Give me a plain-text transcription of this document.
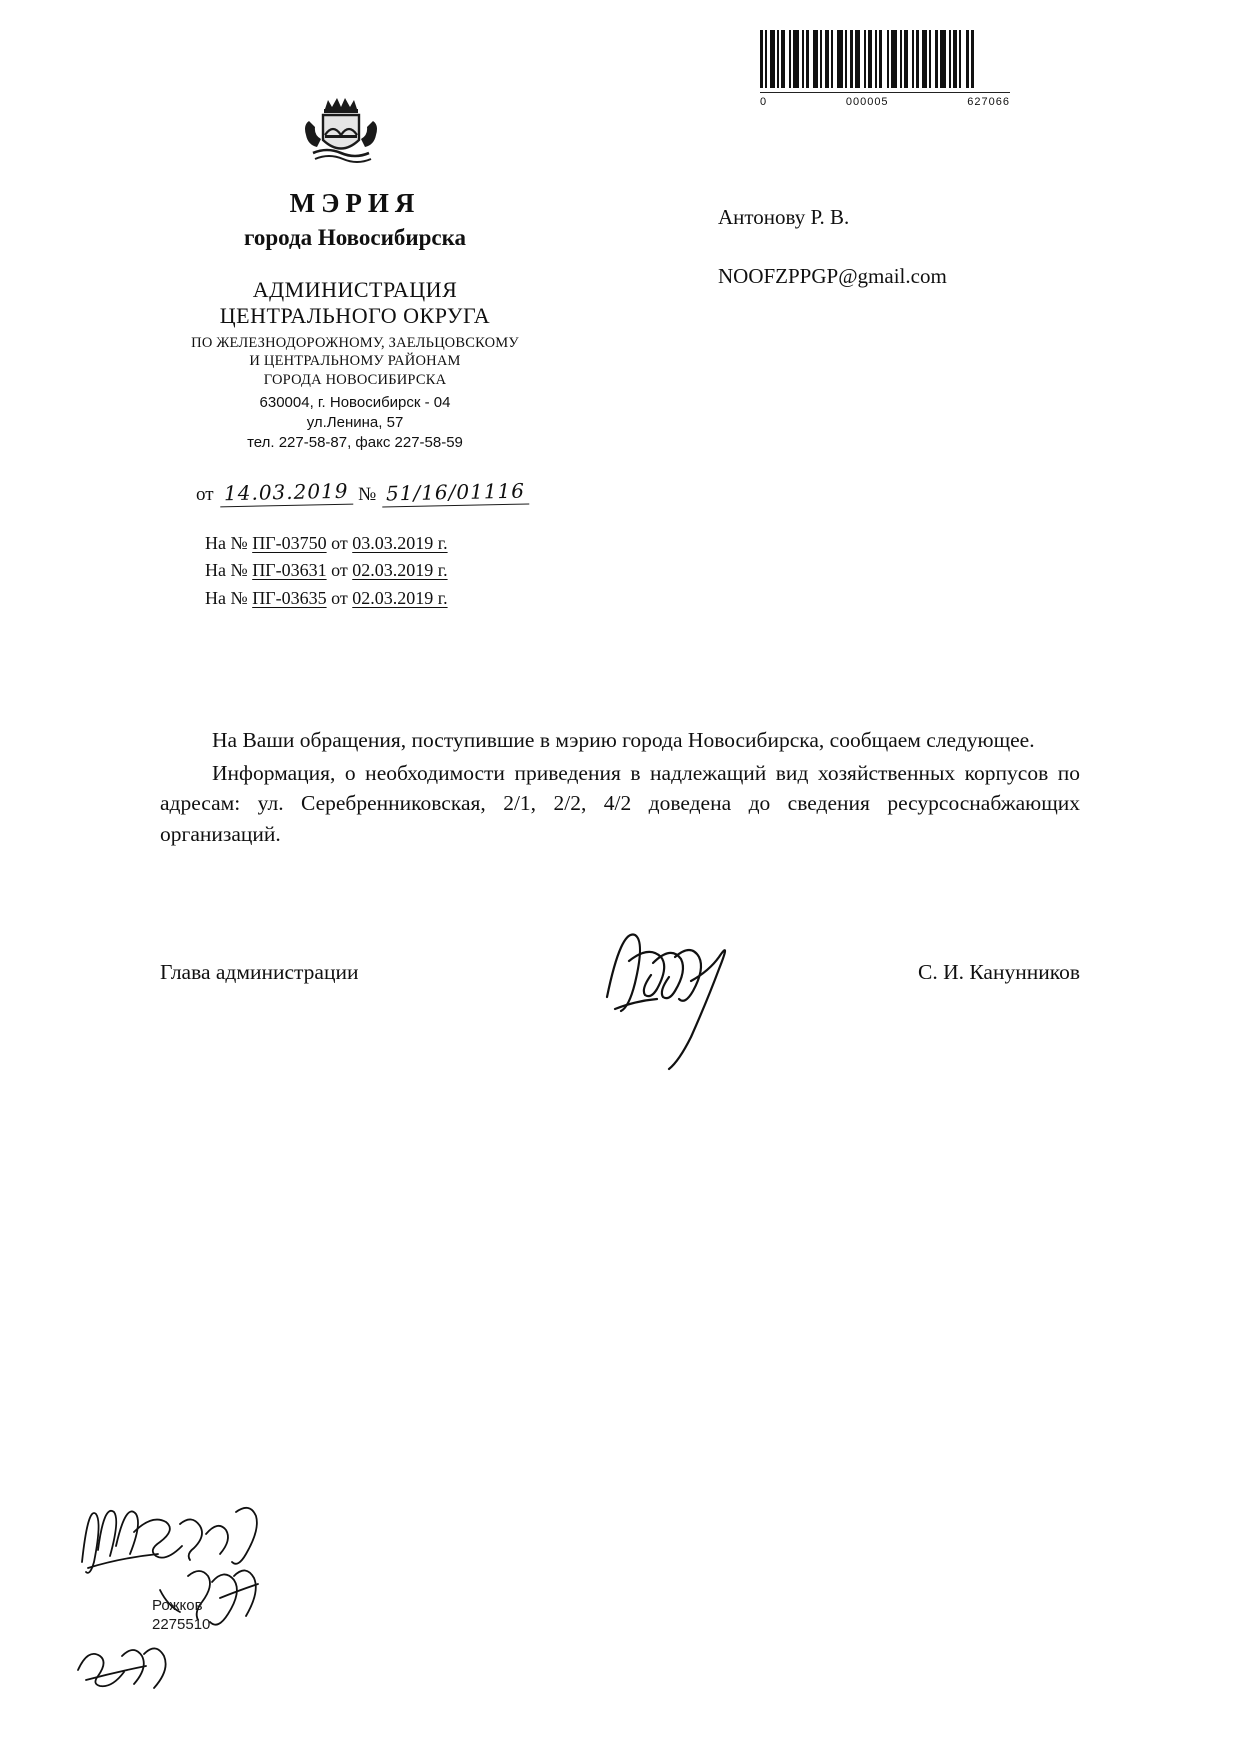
0	000005	627066
МЭРИЯ
города Новосибирска
АДМИНИСТРАЦИЯ
ЦЕНТРАЛЬНОГО ОКРУГА
ПО ЖЕЛЕЗНОДОРОЖНОМУ, ЗАЕЛЬЦОВСКОМУ
И ЦЕНТРАЛЬНОМУ РАЙОНАМ
ГОРОДА НОВОСИБИРСКА
630004, г. Новосибирск - 04
ул.Ленина, 57
тел. 227-58-87, факс 227-58-59
от 14.03.2019 № 51/16/01116
На № ПГ-03750 от 03.03.2019 г.
На № ПГ-03631 от 02.03.2019 г.
На № ПГ-03635 от 02.03.2019 г.
Антонову Р. В.
NOOFZPPGP@gmail.com

На Ваши обращения, поступившие в мэрию города Новосибирска, сообщаем следующее.

Информация, о необходимости приведения в надлежащий вид хозяйственных корпусов по адресам: ул. Серебренниковская, 2/1, 2/2, 4/2 доведена до сведения ресурсоснабжающих организаций.

Глава администрации	С. И. Канунников
Рожков
2275510
